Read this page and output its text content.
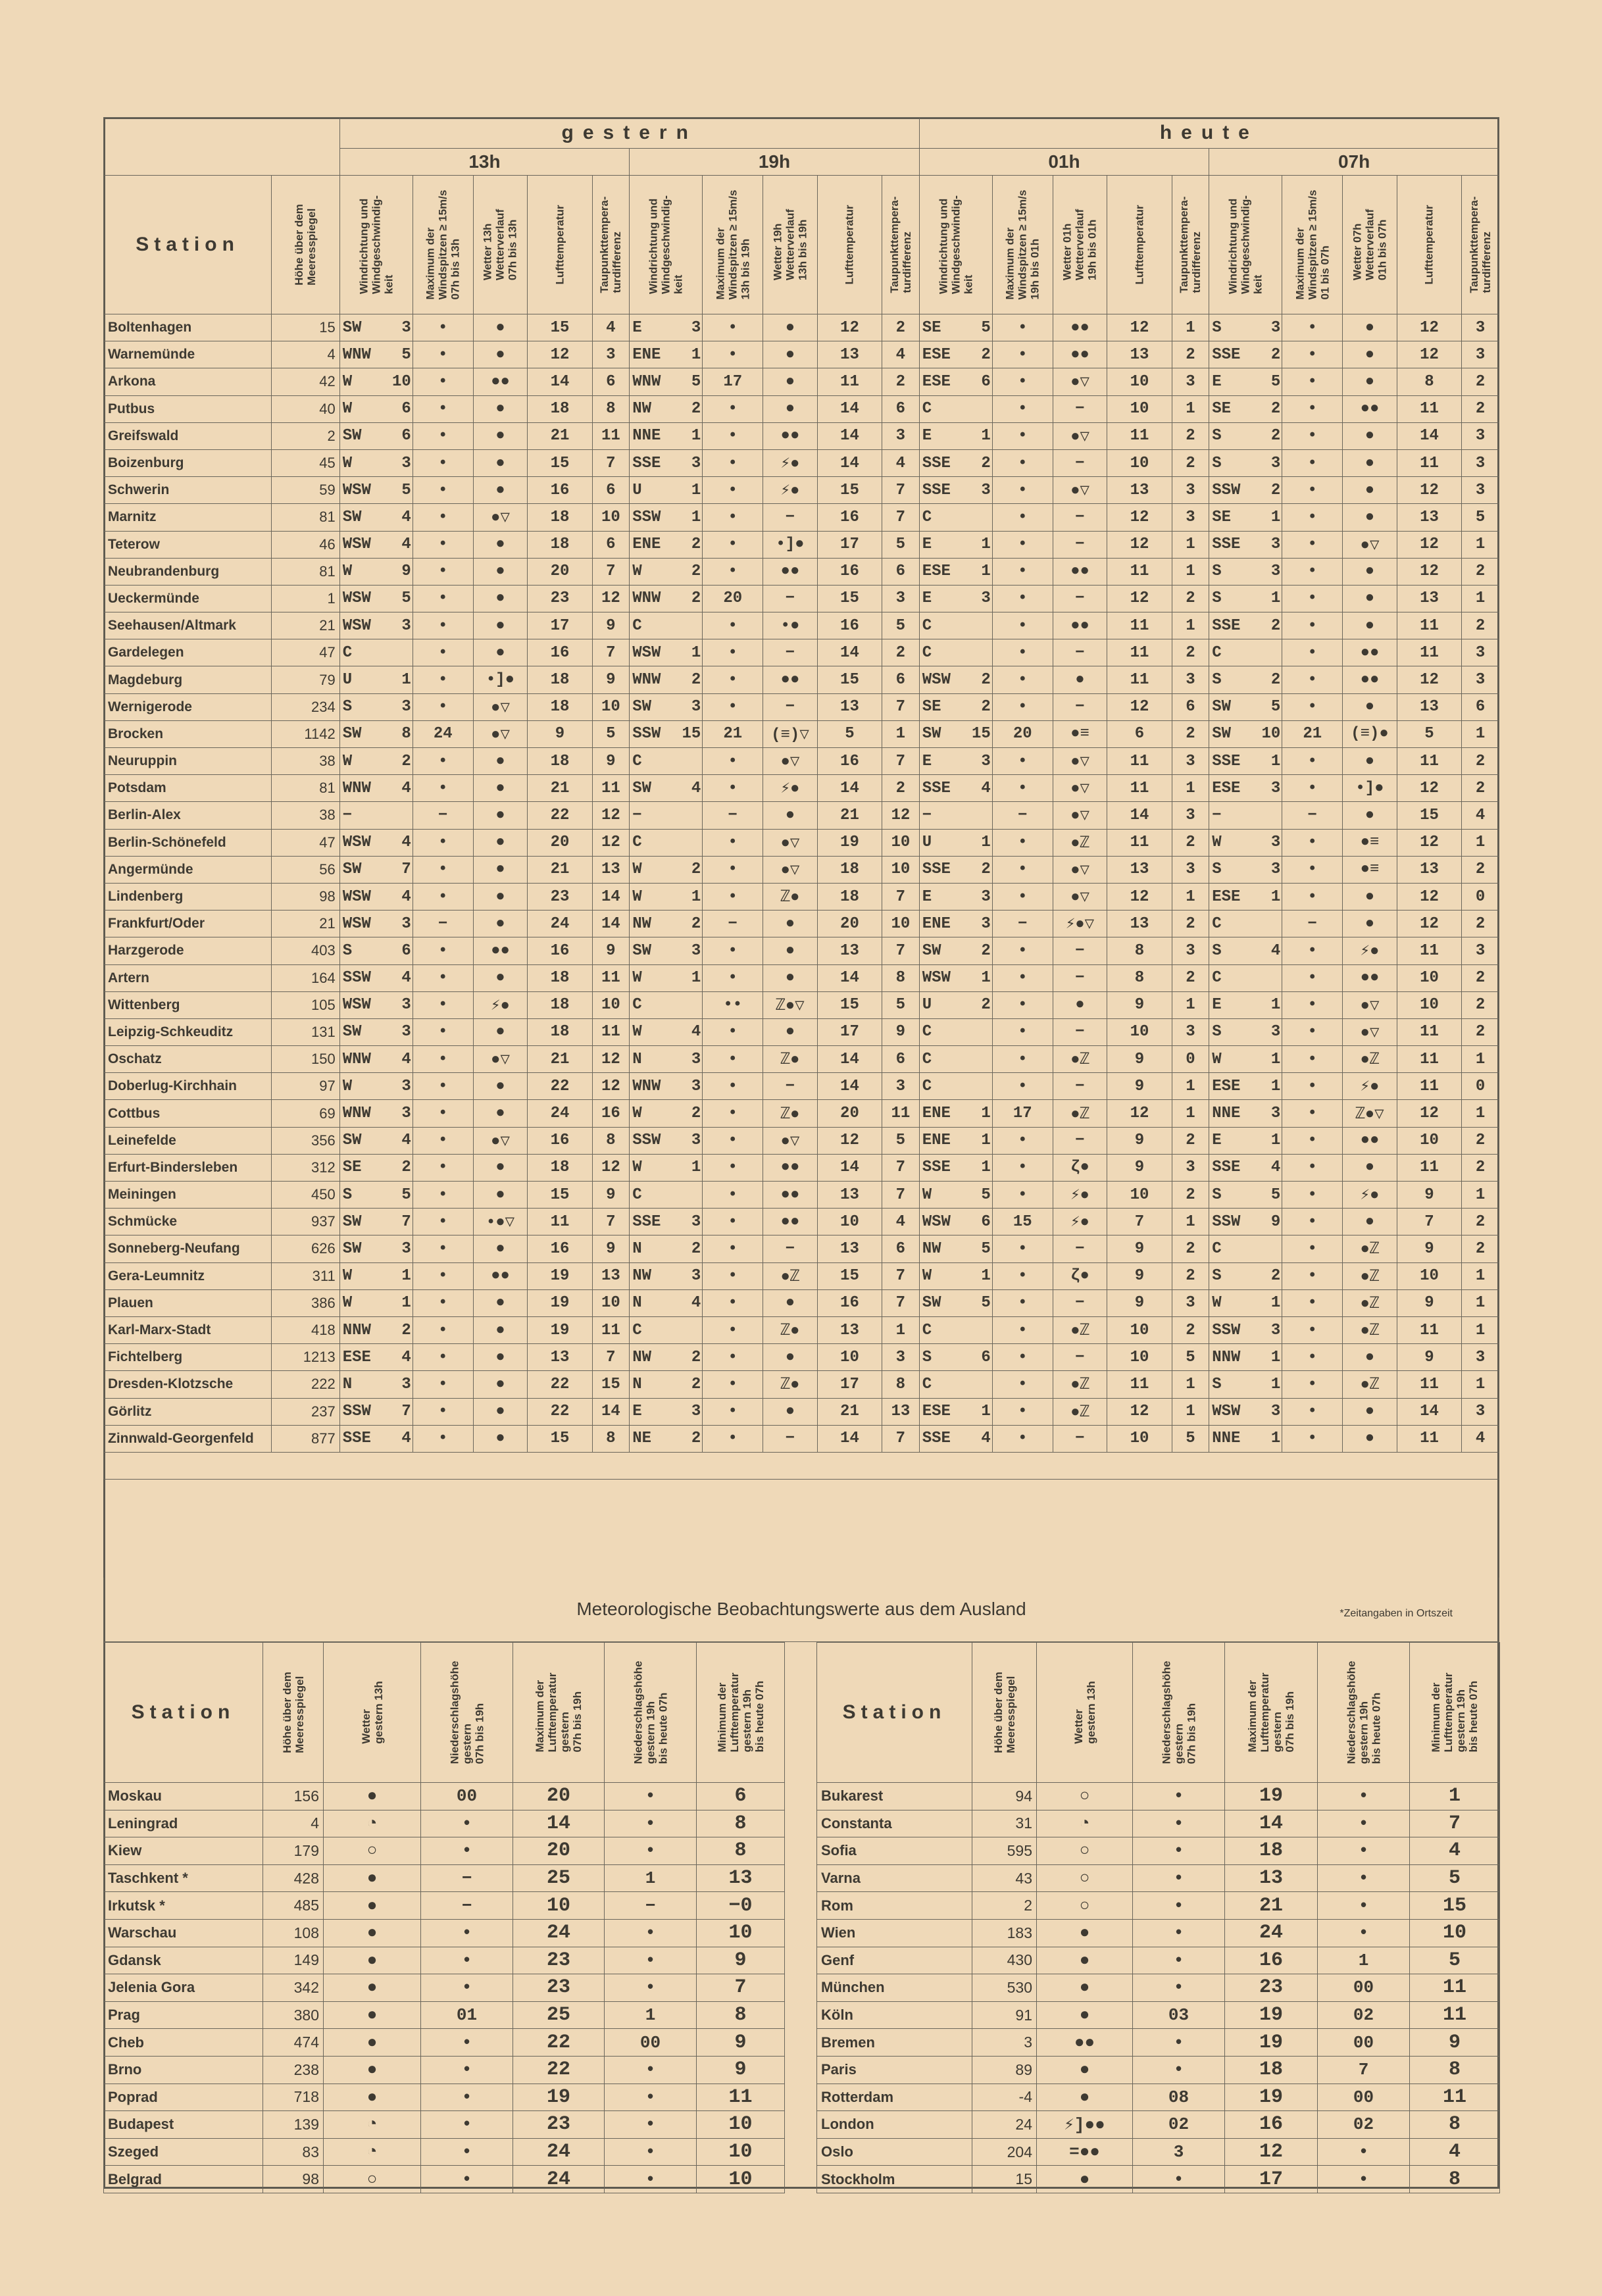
		gestern										heute									
		13h					19h					01h					07h				
Station	Höhe über dem
Meeresspiegel	Windrichtung und
Windgeschwindig-
keit	Maximum der
Windspitzen ≥ 15m/s
07h bis 13h	Wetter 13h
Wetterverlauf
07h bis 13h	Lufttemperatur	Taupunkttempera-
turdifferenz	Windrichtung und
Windgeschwindig-
keit	Maximum der
Windspitzen ≥ 15m/s
13h bis 19h	Wetter 19h
Wetterverlauf
13h bis 19h	Lufttemperatur	Taupunkttempera-
turdifferenz	Windrichtung und
Windgeschwindig-
keit	Maximum der
Windspitzen ≥ 15m/s
19h bis 01h	Wetter 01h
Wetterverlauf
19h bis 01h	Lufttemperatur	Taupunkttempera-
turdifferenz	Windrichtung und
Windgeschwindig-
keit	Maximum der
Windspitzen ≥ 15m/s
01 bis 07h	Wetter 07h
Wetterverlauf
01h bis 07h	Lufttemperatur	Taupunkttempera-
turdifferenz

Boltenhagen	15	SW 3	•	●	15	4	E 3	•	●	12	2	SE 5	•	●●	12	1	S 3	•	●	12	3
Warnemünde	4	WNW 5	•	●	12	3	ENE 1	•	●	13	4	ESE 2	•	●●	13	2	SSE 2	•	●	12	3
Arkona	42	W 10	•	●●	14	6	WNW 5	17	●	11	2	ESE 6	•	●▽	10	3	E 5	•	●	8	2
Putbus	40	W 6	•	●	18	8	NW 2	•	●	14	6	C	•	−	10	1	SE 2	•	●●	11	2
Greifswald	2	SW 6	•	●	21	11	NNE 1	•	●●	14	3	E 1	•	●▽	11	2	S 2	•	●	14	3
Boizenburg	45	W 3	•	●	15	7	SSE 3	•	⚡●	14	4	SSE 2	•	−	10	2	S 3	•	●	11	3
Schwerin	59	WSW 5	•	●	16	6	U 1	•	⚡●	15	7	SSE 3	•	●▽	13	3	SSW 2	•	●	12	3
Marnitz	81	SW 4	•	●▽	18	10	SSW 1	•	−	16	7	C	•	−	12	3	SE 1	•	●	13	5
Teterow	46	WSW 4	•	●	18	6	ENE 2	•	•]●	17	5	E 1	•	−	12	1	SSE 3	•	●▽	12	1
Neubrandenburg	81	W 9	•	●	20	7	W 2	•	●●	16	6	ESE 1	•	●●	11	1	S 3	•	●	12	2
Ueckermünde	1	WSW 5	•	●	23	12	WNW 2	20	−	15	3	E 3	•	−	12	2	S 1	•	●	13	1
Seehausen/Altmark	21	WSW 3	•	●	17	9	C	•	•●	16	5	C	•	●●	11	1	SSE 2	•	●	11	2
Gardelegen	47	C	•	●	16	7	WSW 1	•	−	14	2	C	•	−	11	2	C	•	●●	11	3
Magdeburg	79	U 1	•	•]●	18	9	WNW 2	•	●●	15	6	WSW 2	•	●	11	3	S 2	•	●●	12	3
Wernigerode	234	S 3	•	●▽	18	10	SW 3	•	−	13	7	SE 2	•	−	12	6	SW 5	•	●	13	6
Brocken	1142	SW 8	24	●▽	9	5	SSW 15	21	(≡)▽	5	1	SW 15	20	●≡	6	2	SW 10	21	(≡)●	5	1
Neuruppin	38	W 2	•	●	18	9	C	•	●▽	16	7	E 3	•	●▽	11	3	SSE 1	•	●	11	2
Potsdam	81	WNW 4	•	●	21	11	SW 4	•	⚡●	14	2	SSE 4	•	●▽	11	1	ESE 3	•	•]●	12	2
Berlin-Alex	38	−	−	●	22	12	−	−	●	21	12	−	−	●▽	14	3	−	−	●	15	4
Berlin-Schönefeld	47	WSW 4	•	●	20	12	C	•	●▽	19	10	U 1	•	●ℤ	11	2	W 3	•	●≡	12	1
Angermünde	56	SW 7	•	●	21	13	W 2	•	●▽	18	10	SSE 2	•	●▽	13	3	S 3	•	●≡	13	2
Lindenberg	98	WSW 4	•	●	23	14	W 1	•	ℤ●	18	7	E 3	•	●▽	12	1	ESE 1	•	●	12	0
Frankfurt/Oder	21	WSW 3	−	●	24	14	NW 2	−	●	20	10	ENE 3	−	⚡●▽	13	2	C	−	●	12	2
Harzgerode	403	S 6	•	●●	16	9	SW 3	•	●	13	7	SW 2	•	−	8	3	S 4	•	⚡●	11	3
Artern	164	SSW 4	•	●	18	11	W 1	•	●	14	8	WSW 1	•	−	8	2	C	•	●●	10	2
Wittenberg	105	WSW 3	•	⚡●	18	10	C	••	ℤ●▽	15	5	U 2	•	●	9	1	E 1	•	●▽	10	2
Leipzig-Schkeuditz	131	SW 3	•	●	18	11	W 4	•	●	17	9	C	•	−	10	3	S 3	•	●▽	11	2
Oschatz	150	WNW 4	•	●▽	21	12	N 3	•	ℤ●	14	6	C	•	●ℤ	9	0	W 1	•	●ℤ	11	1
Doberlug-Kirchhain	97	W 3	•	●	22	12	WNW 3	•	−	14	3	C	•	−	9	1	ESE 1	•	⚡●	11	0
Cottbus	69	WNW 3	•	●	24	16	W 2	•	ℤ●	20	11	ENE 1	17	●ℤ	12	1	NNE 3	•	ℤ●▽	12	1
Leinefelde	356	SW 4	•	●▽	16	8	SSW 3	•	●▽	12	5	ENE 1	•	−	9	2	E 1	•	●●	10	2
Erfurt-Bindersleben	312	SE 2	•	●	18	12	W 1	•	●●	14	7	SSE 1	•	ζ●	9	3	SSE 4	•	●	11	2
Meiningen	450	S 5	•	●	15	9	C	•	●●	13	7	W 5	•	⚡●	10	2	S 5	•	⚡●	9	1
Schmücke	937	SW 7	•	•●▽	11	7	SSE 3	•	●●	10	4	WSW 6	15	⚡●	7	1	SSW 9	•	●	7	2
Sonneberg-Neufang	626	SW 3	•	●	16	9	N 2	•	−	13	6	NW 5	•	−	9	2	C	•	●ℤ	9	2
Gera-Leumnitz	311	W 1	•	●●	19	13	NW 3	•	●ℤ	15	7	W 1	•	ζ●	9	2	S 2	•	●ℤ	10	1
Plauen	386	W 1	•	●	19	10	N 4	•	●	16	7	SW 5	•	−	9	3	W 1	•	●ℤ	9	1
Karl-Marx-Stadt	418	NNW 2	•	●	19	11	C	•	ℤ●	13	1	C	•	●ℤ	10	2	SSW 3	•	●ℤ	11	1
Fichtelberg	1213	ESE 4	•	●	13	7	NW 2	•	●	10	3	S 6	•	−	10	5	NNW 1	•	●	9	3
Dresden-Klotzsche	222	N 3	•	●	22	15	N 2	•	ℤ●	17	8	C	•	●ℤ	11	1	S 1	•	●ℤ	11	1
Görlitz	237	SSW 7	•	●	22	14	E 3	•	●	21	13	ESE 1	•	●ℤ	12	1	WSW 3	•	●	14	3
Zinnwald-Georgenfeld	877	SSE 4	•	●	15	8	NE 2	•	−	14	7	SSE 4	•	−	10	5	NNE 1	•	●	11	4

Meteorologische Beobachtungswerte aus dem Ausland	*Zeitangaben in Ortszeit
Station	Höhe über dem
Meeresspiegel	Wetter
gestern 13h	Niederschlagshöhe
gestern
07h bis 19h	Maximum der
Lufttemperatur
gestern
07h bis 19h	Niederschlagshöhe
gestern 19h
bis heute 07h	Minimum der
Lufttemperatur
gestern 19h
bis heute 07h

Moskau	156	●	00	20	•	6
Leningrad	4	◔	•	14	•	8
Kiew	179	○	•	20	•	8
Taschkent *	428	●	−	25	1	13
Irkutsk *	485	●	−	10	−	−0
Warschau	108	●	•	24	•	10
Gdansk	149	●	•	23	•	9
Jelenia Gora	342	●	•	23	•	7
Prag	380	●	01	25	1	8
Cheb	474	●	•	22	00	9
Brno	238	●	•	22	•	9
Poprad	718	●	•	19	•	11
Budapest	139	◔	•	23	•	10
Szeged	83	◔	•	24	•	10
Belgrad	98	○	•	24	•	10
Station	Höhe über dem
Meeresspiegel	Wetter
gestern 13h	Niederschlagshöhe
gestern
07h bis 19h	Maximum der
Lufttemperatur
gestern
07h bis 19h	Niederschlagshöhe
gestern 19h
bis heute 07h	Minimum der
Lufttemperatur
gestern 19h
bis heute 07h

Bukarest	94	○	•	19	•	1
Constanta	31	◔	•	14	•	7
Sofia	595	○	•	18	•	4
Varna	43	○	•	13	•	5
Rom	2	○	•	21	•	15
Wien	183	●	•	24	•	10
Genf	430	●	•	16	1	5
München	530	●	•	23	00	11
Köln	91	●	03	19	02	11
Bremen	3	●●	•	19	00	9
Paris	89	●	•	18	7	8
Rotterdam	-4	●	08	19	00	11
London	24	⚡]●●	02	16	02	8
Oslo	204	=●●	3	12	•	4
Stockholm	15	●	•	17	•	8
